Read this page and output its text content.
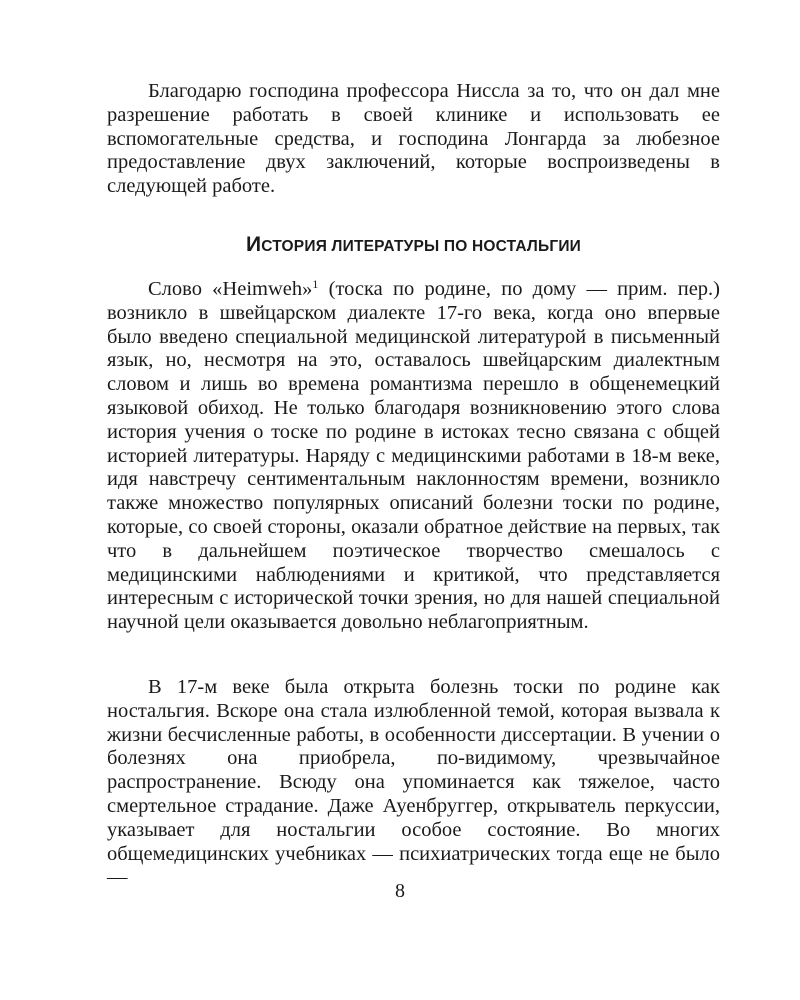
Благодарю господина профессора Ниссла за то, что он дал мне разрешение работать в своей клинике и использовать ее вспомогательные средства, и господина Лонгарда за любезное предоставление двух заключений, которые воспроизведены в следующей работе.

ИСТОРИЯ ЛИТЕРАТУРЫ ПО НОСТАЛЬГИИ

Слово «Heimweh»$^1$ (тоска по родине, по дому — прим. пер.) возникло в швейцарском диалекте 17-го века, когда оно впервые было введено специальной медицинской литературой в письменный язык, но, несмотря на это, оставалось швейцарским диалектным словом и лишь во времена романтизма перешло в общенемецкий языковой обиход. Не только благодаря возникновению этого слова история учения о тоске по родине в истоках тесно связана с общей историей литературы. Наряду с медицинскими работами в 18-м веке, идя навстречу сентиментальным наклонностям времени, возникло также множество популярных описаний болезни тоски по родине, которые, со своей стороны, оказали обратное действие на первых, так что в дальнейшем поэтическое творчество смешалось с медицинскими наблюдениями и критикой, что представляется интересным с исторической точки зрения, но для нашей специальной научной цели оказывается довольно неблагоприятным.

В 17-м веке была открыта болезнь тоски по родине как ностальгия. Вскоре она стала излюбленной темой, которая вызвала к жизни бесчисленные работы, в особенности диссертации. В учении о болезнях она приобрела, по-видимому, чрезвычайное распространение. Всюду она упоминается как тяжелое, часто смертельное страдание. Даже Ауенбруггер, открыватель перкуссии, указывает для ностальгии особое состояние. Во многих общемедицинских учебниках — психиатрических тогда еще не было —

8
